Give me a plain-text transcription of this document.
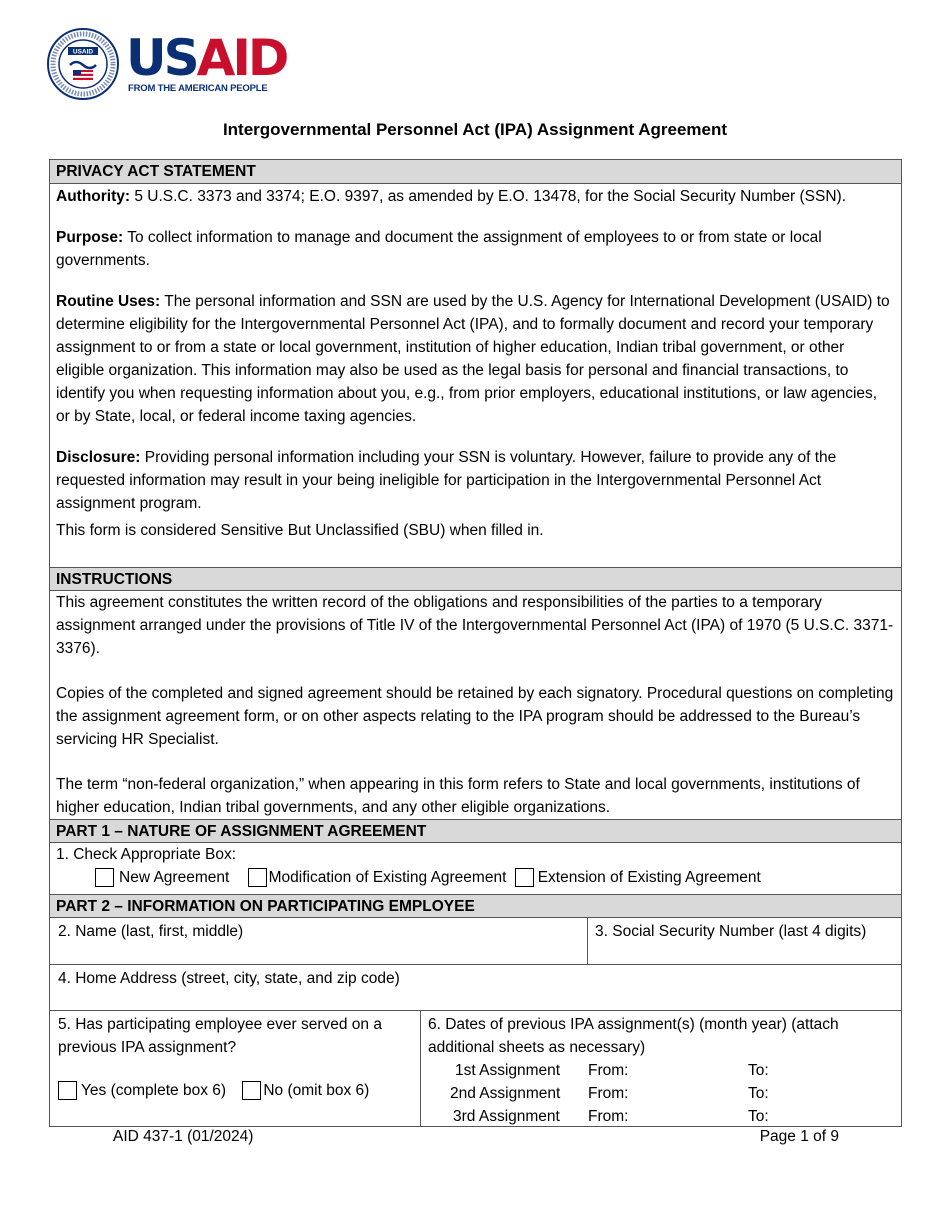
USAID USAID
FROM THE AMERICAN PEOPLE
Intergovernmental Personnel Act (IPA) Assignment Agreement
PRIVACY ACT STATEMENT

Authority: 5 U.S.C. 3373 and 3374; E.O. 9397, as amended by E.O. 13478, for the Social Security Number (SSN).

Purpose: To collect information to manage and document the assignment of employees to or from state or local governments.

Routine Uses: The personal information and SSN are used by the U.S. Agency for International Development (USAID) to determine eligibility for the Intergovernmental Personnel Act (IPA), and to formally document and record your temporary assignment to or from a state or local government, institution of higher education, Indian tribal government, or other eligible organization. This information may also be used as the legal basis for personal and financial transactions, to identify you when requesting information about you, e.g., from prior employers, educational institutions, or law agencies, or by State, local, or federal income taxing agencies.

Disclosure: Providing personal information including your SSN is voluntary. However, failure to provide any of the requested information may result in your being ineligible for participation in the Intergovernmental Personnel Act assignment program.

This form is considered Sensitive But Unclassified (SBU) when filled in.

INSTRUCTIONS

This agreement constitutes the written record of the obligations and responsibilities of the parties to a temporary assignment arranged under the provisions of Title IV of the Intergovernmental Personnel Act (IPA) of 1970 (5 U.S.C. 3371-3376).

Copies of the completed and signed agreement should be retained by each signatory. Procedural questions on completing the assignment agreement form, or on other aspects relating to the IPA program should be addressed to the Bureau’s servicing HR Specialist.

The term “non-federal organization,” when appearing in this form refers to State and local governments, institutions of higher education, Indian tribal governments, and any other eligible organizations.

PART 1 – NATURE OF ASSIGNMENT AGREEMENT

1. Check Appropriate Box:

New Agreement	Modification of Existing Agreement Extension of Existing Agreement

PART 2 – INFORMATION ON PARTICIPATING EMPLOYEE
2. Name (last, first, middle)	3. Social Security Number (last 4 digits)
4. Home Address (street, city, state, and zip code)

5. Has participating employee ever served on a previous IPA assignment?

Yes (complete box 6) No (omit box 6)

6. Dates of previous IPA assignment(s) (month year) (attach additional sheets as necessary)

1st Assignment From:	To:
2nd Assignment From:	To:
3rd Assignment From:	To:
AID 437-1 (01/2024)	Page 1 of 9
